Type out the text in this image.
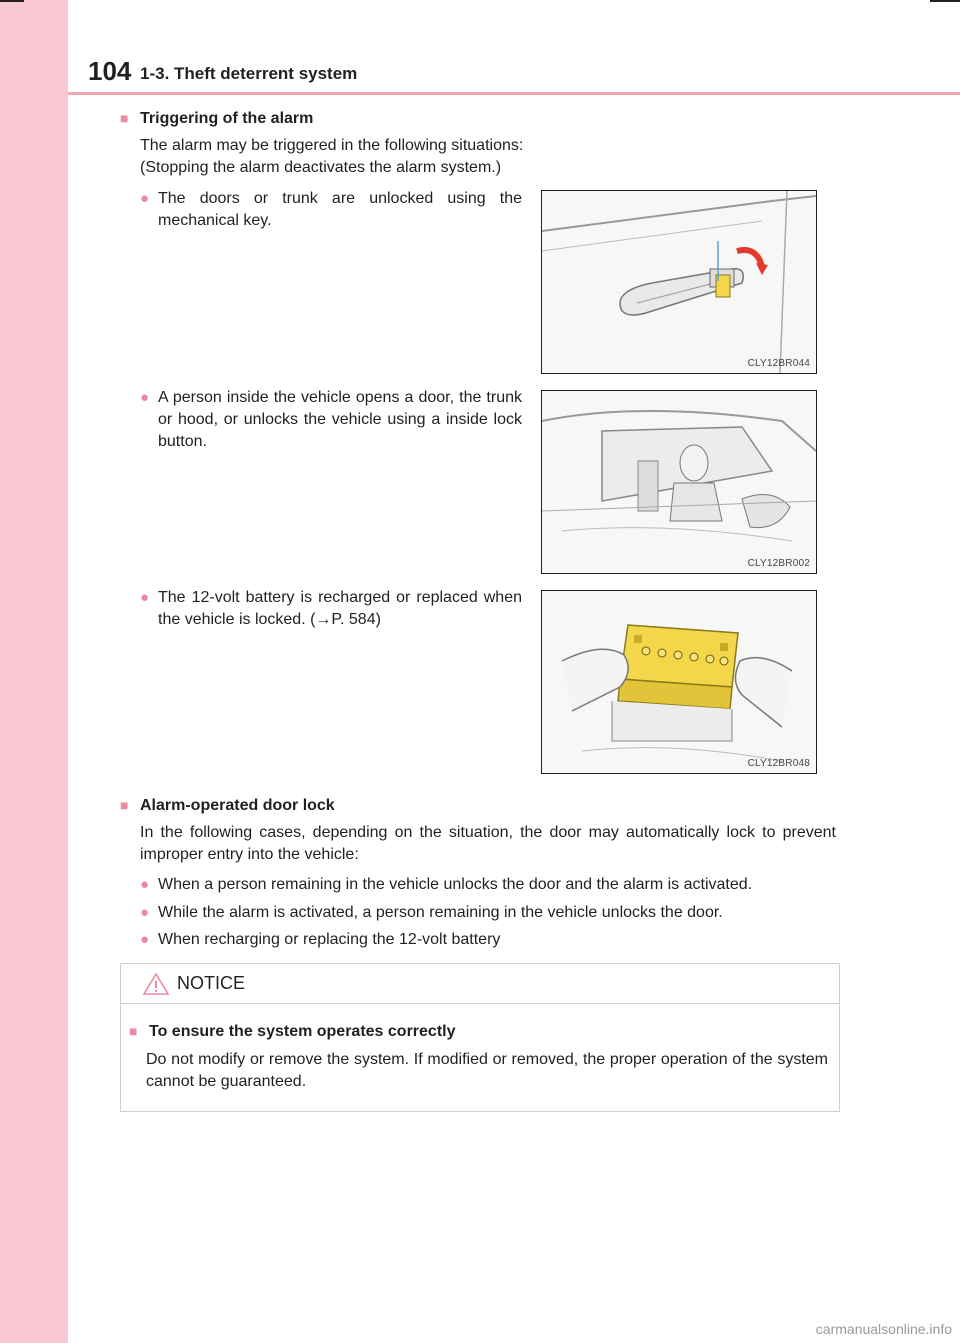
104 1-3. Theft deterrent system
■ Triggering of the alarm
The alarm may be triggered in the following situations:
(Stopping the alarm deactivates the alarm system.)
● The doors or trunk are unlocked using the mechanical key.
CLY12BR044
● A person inside the vehicle opens a door, the trunk or hood, or unlocks the vehicle using a inside lock button.
CLY12BR002
● The 12-volt battery is recharged or replaced when the vehicle is locked. (→P. 584)
CLY12BR048
■ Alarm-operated door lock
In the following cases, depending on the situation, the door may automatically lock to prevent improper entry into the vehicle:
● When a person remaining in the vehicle unlocks the door and the alarm is activated.
● While the alarm is activated, a person remaining in the vehicle unlocks the door.
● When recharging or replacing the 12-volt battery
NOTICE
■ To ensure the system operates correctly
Do not modify or remove the system. If modified or removed, the proper operation of the system cannot be guaranteed.
carmanualsonline.info
